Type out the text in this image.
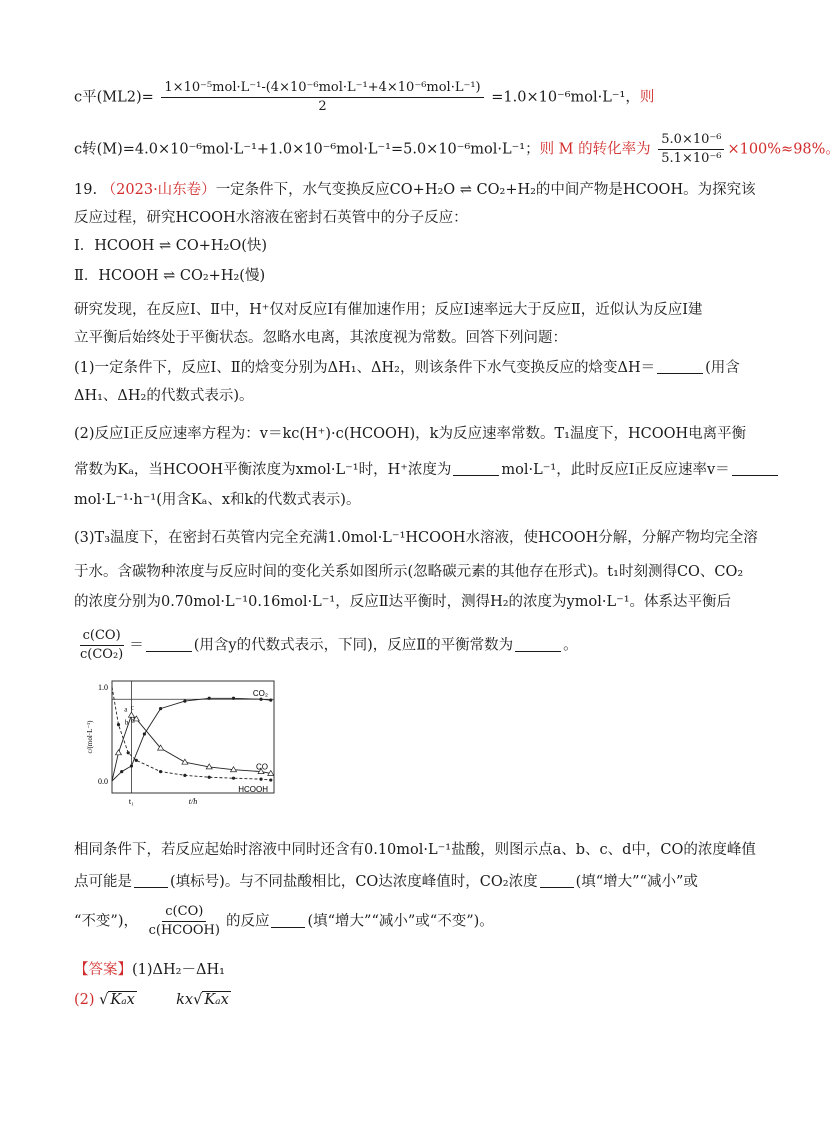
c平$(ML2)= \frac{\text{1×10⁻⁵mol·L⁻¹-(4×10⁻⁶mol·L⁻¹+4×10⁻⁶mol·L⁻¹)}}{2} =1.0\times 10^{-6}mol\cdot L^{-1}$，则
c转(M)=4.0×10⁻⁶mol·L⁻¹+1.0×10⁻⁶mol·L⁻¹=5.0×10⁻⁶mol·L⁻¹；则 M 的转化率为 $\frac{\text{5.0×10⁻⁶}}{\text{5.1×10⁻⁶}} \times 100\%\approx 98\%$。
19. （2023·山东卷）一定条件下，水气变换反应CO+H₂O ⇌ CO₂+H₂的中间产物是HCOOH。为探究该
反应过程，研究HCOOH水溶液在密封石英管中的分子反应：
Ⅰ．HCOOH ⇌ CO+H₂O(快)
Ⅱ．HCOOH ⇌ CO₂+H₂(慢)
研究发现，在反应Ⅰ、Ⅱ中，H⁺仅对反应Ⅰ有催加速作用；反应Ⅰ速率远大于反应Ⅱ，近似认为反应Ⅰ建
立平衡后始终处于平衡状态。忽略水电离，其浓度视为常数。回答下列问题：
(1)一定条件下，反应Ⅰ、Ⅱ的焓变分别为ΔH₁、ΔH₂，则该条件下水气变换反应的焓变ΔH＝	(用含
ΔH₁、ΔH₂的代数式表示)。
(2)反应Ⅰ正反应速率方程为：v＝kc(H⁺)·c(HCOOH)，k为反应速率常数。T₁温度下，HCOOH电离平衡
常数为Kₐ，当HCOOH平衡浓度为xmol·L⁻¹时，H⁺浓度为	mol·L⁻¹，此时反应Ⅰ正反应速率v＝
mol·L⁻¹·h⁻¹(用含Kₐ、x和k的代数式表示)。
(3)T₃温度下，在密封石英管内完全充满1.0mol·L⁻¹HCOOH水溶液，使HCOOH分解，分解产物均完全溶
于水。含碳物种浓度与反应时间的变化关系如图所示(忽略碳元素的其他存在形式)。t₁时刻测得CO、CO₂
的浓度分别为0.70mol·L⁻¹0.16mol·L⁻¹，反应Ⅱ达平衡时，测得H₂的浓度为ymol·L⁻¹。体系达平衡后
$\frac{c(CO)}{\text{c(CO₂)}}$ ＝	(用含y的代数式表示，下同)，反应Ⅱ的平衡常数为	。
1.0
0.0
t₁	t/h
c/(mol·L⁻¹)
CO₂
CO
HCOOH
a
b
c
d
相同条件下，若反应起始时溶液中同时还含有0.10mol·L⁻¹盐酸，则图示点a、b、c、d中，CO的浓度峰值
点可能是	(填标号)。与不同盐酸相比，CO达浓度峰值时，CO₂浓度	(填“增大”“减小”或
“不变”)， $\frac{c(CO)}{\text{c(HCOOH)}}$ 的反应	(填“增大”“减小”或“不变”)。
【答案】(1)ΔH₂－ΔH₁
(2) √ Kₐx	kx√ Kₐx
